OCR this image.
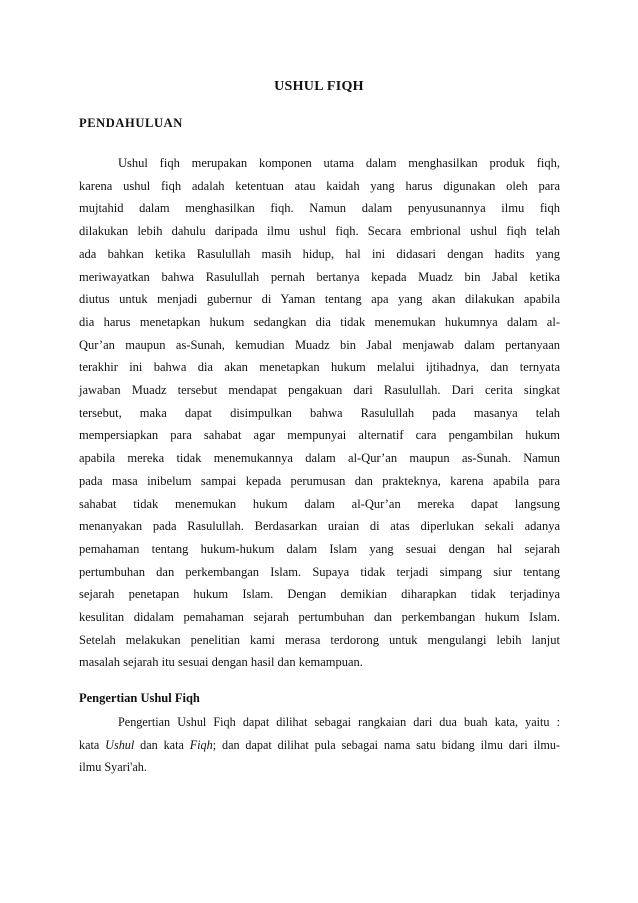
USHUL FIQH
PENDAHULUAN

Ushul fiqh merupakan komponen utama dalam menghasilkan produk fiqh,
karena ushul fiqh adalah ketentuan atau kaidah yang harus digunakan oleh para
mujtahid dalam menghasilkan fiqh. Namun dalam penyusunannya ilmu fiqh
dilakukan lebih dahulu daripada ilmu ushul fiqh. Secara embrional ushul fiqh telah
ada bahkan ketika Rasulullah masih hidup, hal ini didasari dengan hadits yang
meriwayatkan bahwa Rasulullah pernah bertanya kepada Muadz bin Jabal ketika
diutus untuk menjadi gubernur di Yaman tentang apa yang akan dilakukan apabila
dia harus menetapkan hukum sedangkan dia tidak menemukan hukumnya dalam al-
Qur’an maupun as-Sunah, kemudian Muadz bin Jabal menjawab dalam pertanyaan
terakhir ini bahwa dia akan menetapkan hukum melalui ijtihadnya, dan ternyata
jawaban Muadz tersebut mendapat pengakuan dari Rasulullah. Dari cerita singkat
tersebut, maka dapat disimpulkan bahwa Rasulullah pada masanya telah
mempersiapkan para sahabat agar mempunyai alternatif cara pengambilan hukum
apabila mereka tidak menemukannya dalam al-Qur’an maupun as-Sunah. Namun
pada masa inibelum sampai kepada perumusan dan prakteknya, karena apabila para
sahabat tidak menemukan hukum dalam al-Qur’an mereka dapat langsung
menanyakan pada Rasulullah. Berdasarkan uraian di atas diperlukan sekali adanya
pemahaman tentang hukum-hukum dalam Islam yang sesuai dengan hal sejarah
pertumbuhan dan perkembangan Islam. Supaya tidak terjadi simpang siur tentang
sejarah penetapan hukum Islam. Dengan demikian diharapkan tidak terjadinya
kesulitan didalam pemahaman sejarah pertumbuhan dan perkembangan hukum Islam.
Setelah melakukan penelitian kami merasa terdorong untuk mengulangi lebih lanjut
masalah sejarah itu sesuai dengan hasil dan kemampuan.

Pengertian Ushul Fiqh

Pengertian Ushul Fiqh dapat dilihat sebagai rangkaian dari dua buah kata, yaitu :
kata Ushul dan kata Fiqh; dan dapat dilihat pula sebagai nama satu bidang ilmu dari ilmu-
ilmu Syari'ah.
